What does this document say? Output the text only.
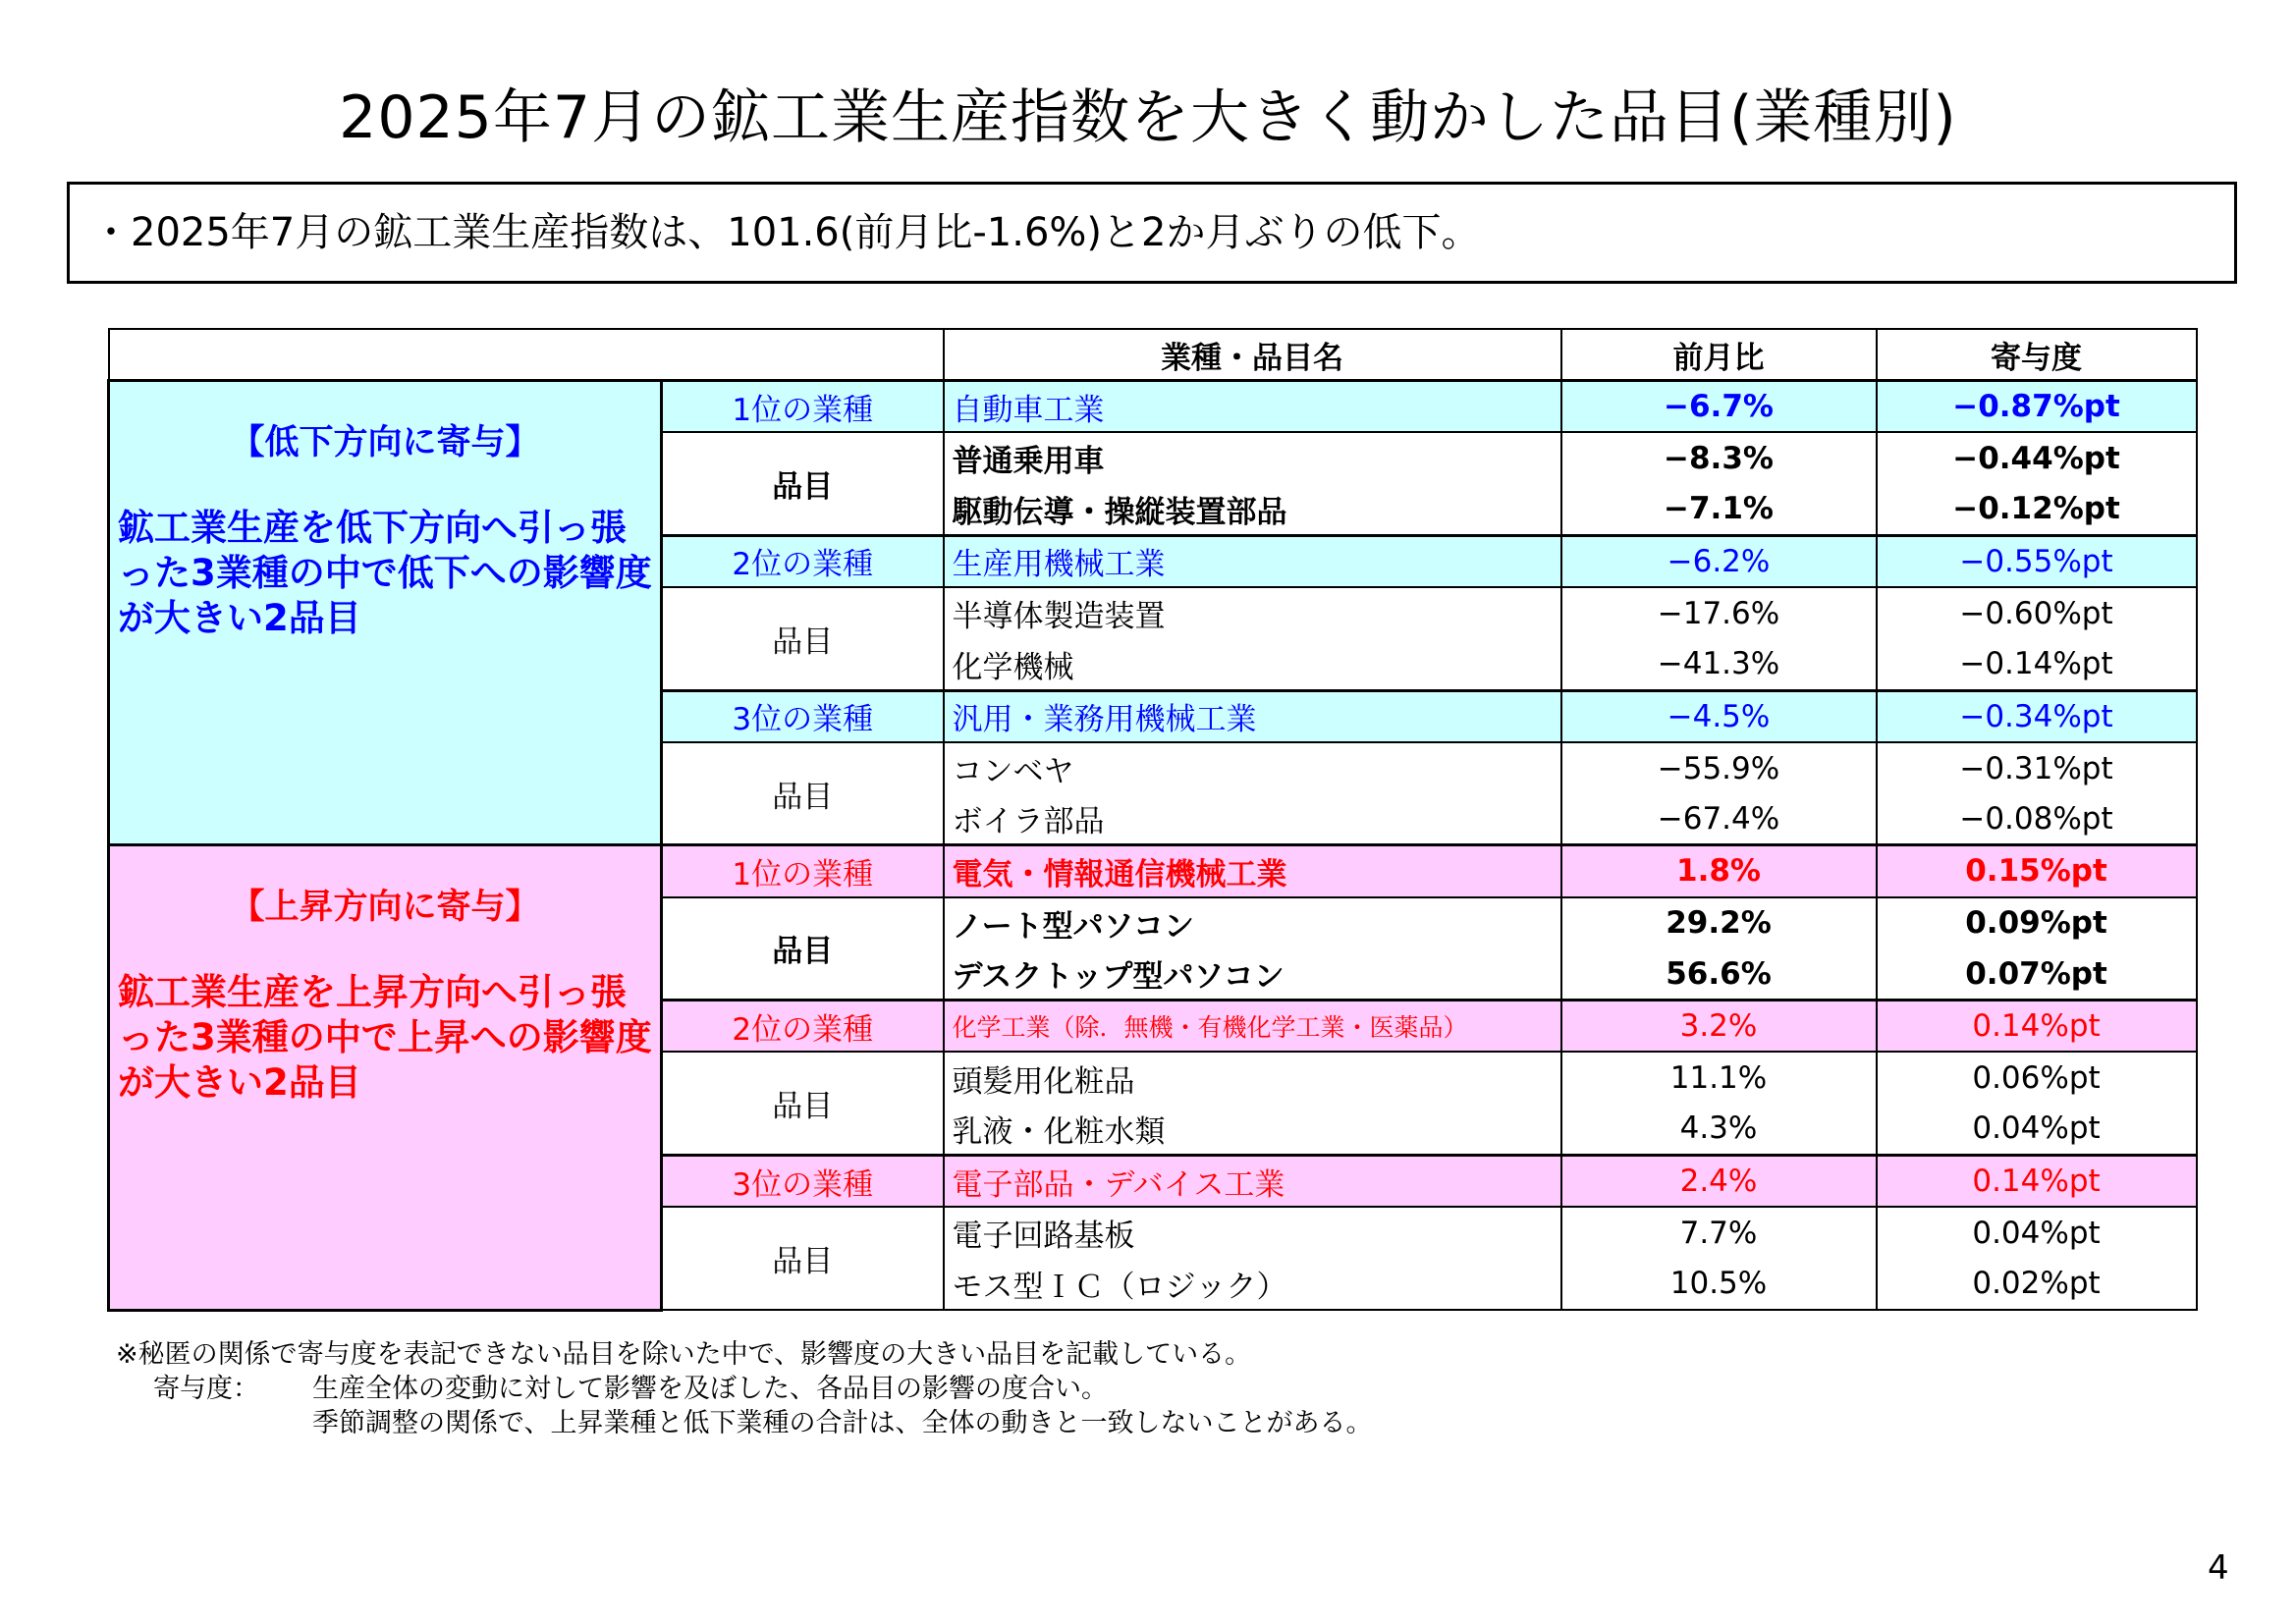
2025年7月の鉱工業生産指数を大きく動かした品目(業種別)
・2025年7月の鉱工業生産指数は、101.6(前月比-1.6%)と2か月ぶりの低下。
		業種・品目名	前月比	寄与度

【低下方向に寄与】
鉱工業生産を低下方向へ引っ張った3業種の中で低下への影響度が大きい2品目	1位の業種	自動車工業	−6.7%	−0.87%pt
	品目	普通乗用車	−8.3%	−0.44%pt
		駆動伝導・操縦装置部品	−7.1%	−0.12%pt
	2位の業種	生産用機械工業	−6.2%	−0.55%pt
	品目	半導体製造装置	−17.6%	−0.60%pt
		化学機械	−41.3%	−0.14%pt
	3位の業種	汎用・業務用機械工業	−4.5%	−0.34%pt
	品目	コンベヤ	−55.9%	−0.31%pt
		ボイラ部品	−67.4%	−0.08%pt

【上昇方向に寄与】
鉱工業生産を上昇方向へ引っ張った3業種の中で上昇への影響度が大きい2品目	1位の業種	電気・情報通信機械工業	1.8%	0.15%pt
	品目	ノート型パソコン	29.2%	0.09%pt
		デスクトップ型パソコン	56.6%	0.07%pt
	2位の業種	化学工業（除．無機・有機化学工業・医薬品）	3.2%	0.14%pt
	品目	頭髪用化粧品	11.1%	0.06%pt
		乳液・化粧水類	4.3%	0.04%pt
	3位の業種	電子部品・デバイス工業	2.4%	0.14%pt
	品目	電子回路基板	7.7%	0.04%pt
		モス型ＩＣ（ロジック）	10.5%	0.02%pt
※秘匿の関係で寄与度を表記できない品目を除いた中で、影響度の大きい品目を記載している。
寄与度： 生産全体の変動に対して影響を及ぼした、各品目の影響の度合い。
季節調整の関係で、上昇業種と低下業種の合計は、全体の動きと一致しないことがある。
4
